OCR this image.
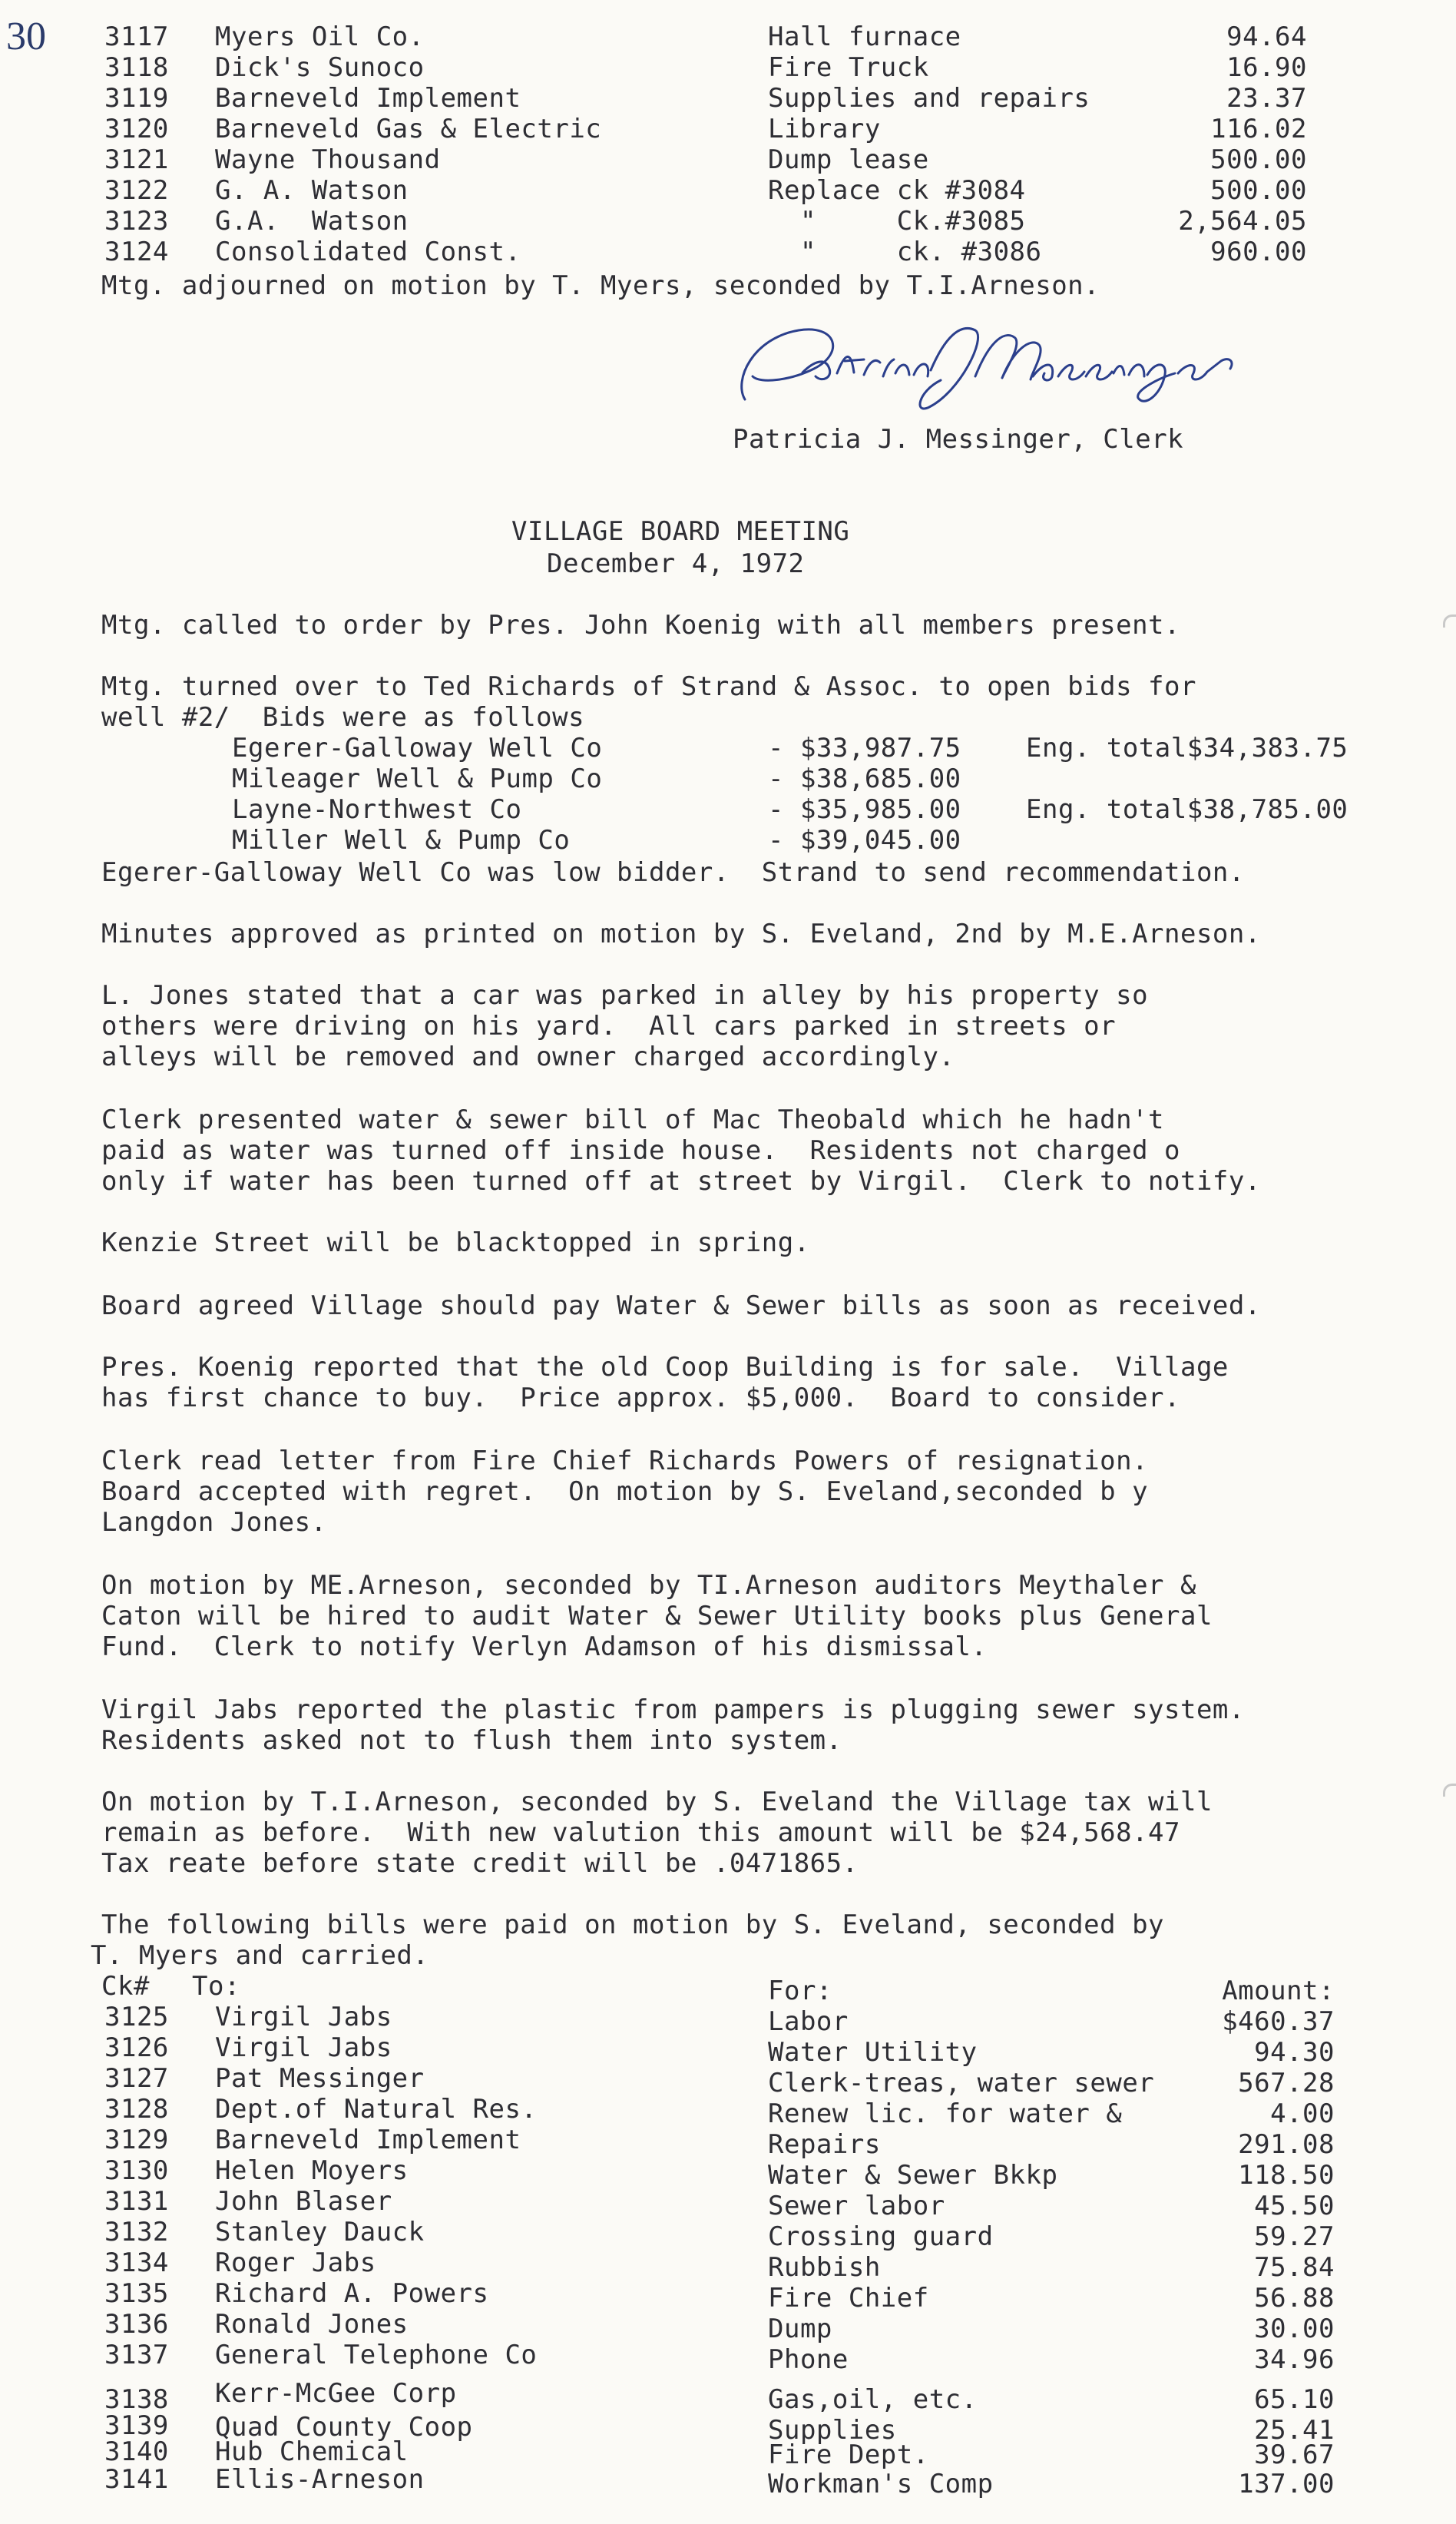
30 3117 Myers Oil Co.	Hall furnace	94.64
3118 Dick's Sunoco	Fire Truck	16.90
3119 Barneveld Implement	Supplies and repairs	23.37
3120 Barneveld Gas & Electric	Library	116.02
3121 Wayne Thousand	Dump lease	500.00
3122 G. A. Watson	Replace ck #3084	500.00
3123 G.A.  Watson	"     Ck.#3085	2,564.05
3124 Consolidated Const.	"     ck. #3086	960.00
Mtg. adjourned on motion by T. Myers, seconded by T.I.Arneson.
Patricia J. Messinger, Clerk
VILLAGE BOARD MEETING
December 4, 1972
Mtg. called to order by Pres. John Koenig with all members present.
Mtg. turned over to Ted Richards of Strand & Assoc. to open bids for
well #2/  Bids were as follows
Egerer-Galloway Well Co	- $33,987.75 Eng. total$34,383.75
Mileager Well & Pump Co	- $38,685.00
Layne-Northwest Co	- $35,985.00 Eng. total$38,785.00
Miller Well & Pump Co	- $39,045.00
Egerer-Galloway Well Co was low bidder.  Strand to send recommendation.
Minutes approved as printed on motion by S. Eveland, 2nd by M.E.Arneson.
L. Jones stated that a car was parked in alley by his property so
others were driving on his yard.  All cars parked in streets or
alleys will be removed and owner charged accordingly.
Clerk presented water & sewer bill of Mac Theobald which he hadn't
paid as water was turned off inside house.  Residents not charged o
only if water has been turned off at street by Virgil.  Clerk to notify.
Kenzie Street will be blacktopped in spring.
Board agreed Village should pay Water & Sewer bills as soon as received.
Pres. Koenig reported that the old Coop Building is for sale.  Village
has first chance to buy.  Price approx. $5,000.  Board to consider.
Clerk read letter from Fire Chief Richards Powers of resignation.
Board accepted with regret.  On motion by S. Eveland,seconded b y
Langdon Jones.
On motion by ME.Arneson, seconded by TI.Arneson auditors Meythaler &
Caton will be hired to audit Water & Sewer Utility books plus General
Fund.  Clerk to notify Verlyn Adamson of his dismissal.
Virgil Jabs reported the plastic from pampers is plugging sewer system.
Residents asked not to flush them into system.
On motion by T.I.Arneson, seconded by S. Eveland the Village tax will
remain as before.  With new valution this amount will be $24,568.47
Tax reate before state credit will be .0471865.
The following bills were paid on motion by S. Eveland, seconded by
T. Myers and carried.
Ck# To:	For:	Amount:
3125 Virgil Jabs	Labor	$460.37
3126 Virgil Jabs	Water Utility	94.30
3127 Pat Messinger	Clerk-treas, water sewer	567.28
3128 Dept.of Natural Res.	Renew lic. for water &	4.00
3129 Barneveld Implement	Repairs	291.08
3130 Helen Moyers	Water & Sewer Bkkp	118.50
3131 John Blaser	Sewer labor	45.50
3132 Stanley Dauck	Crossing guard	59.27
3134 Roger Jabs	Rubbish	75.84
3135 Richard A. Powers	Fire Chief	56.88
3136 Ronald Jones	Dump	30.00
3137 General Telephone Co	Phone	34.96
3138 Kerr-McGee Corp	Gas,oil, etc.	65.10
3139 Quad County Coop	Supplies	25.41
3140 Hub Chemical	Fire Dept.	39.67
3141 Ellis-Arneson	Workman's Comp	137.00
